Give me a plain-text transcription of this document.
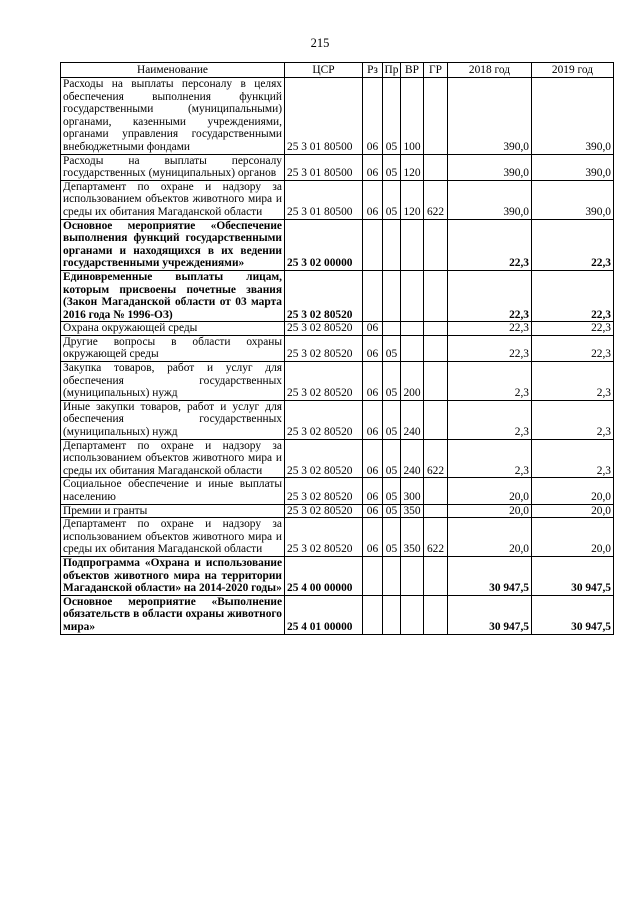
215
Наименование	ЦСР	Рз	Пр	ВР	ГР	2018 год	2019 год
Расходы на выплаты персоналу в целях обеспечения выполнения функций государственными (муниципальными) органами, казенными учреждениями, органами управления государственными внебюджетными фондами	25 3 01 80500	06	05	100		390,0	390,0
Расходы на выплаты персоналу государственных (муниципальных) органов	25 3 01 80500	06	05	120		390,0	390,0
Департамент по охране и надзору за использованием объектов животного мира и среды их обитания Магаданской области	25 3 01 80500	06	05	120	622	390,0	390,0
Основное мероприятие «Обеспечение выполнения функций государственными органами и находящихся в их ведении государственными учреждениями»	25 3 02 00000					22,3	22,3
Единовременные выплаты лицам, которым присвоены почетные звания (Закон Магаданской области от 03 марта 2016 года № 1996-ОЗ)	25 3 02 80520					22,3	22,3
Охрана окружающей среды	25 3 02 80520	06				22,3	22,3
Другие вопросы в области охраны окружающей среды	25 3 02 80520	06	05			22,3	22,3
Закупка товаров, работ и услуг для обеспечения государственных (муниципальных) нужд	25 3 02 80520	06	05	200		2,3	2,3
Иные закупки товаров, работ и услуг для обеспечения государственных (муниципальных) нужд	25 3 02 80520	06	05	240		2,3	2,3
Департамент по охране и надзору за использованием объектов животного мира и среды их обитания Магаданской области	25 3 02 80520	06	05	240	622	2,3	2,3
Социальное обеспечение и иные выплаты населению	25 3 02 80520	06	05	300		20,0	20,0
Премии и гранты	25 3 02 80520	06	05	350		20,0	20,0
Департамент по охране и надзору за использованием объектов животного мира и среды их обитания Магаданской области	25 3 02 80520	06	05	350	622	20,0	20,0
Подпрограмма «Охрана и использование объектов животного мира на территории Магаданской области» на 2014-2020 годы»	25 4 00 00000					30 947,5	30 947,5
Основное мероприятие «Выполнение обязательств в области охраны животного мира»	25 4 01 00000					30 947,5	30 947,5
